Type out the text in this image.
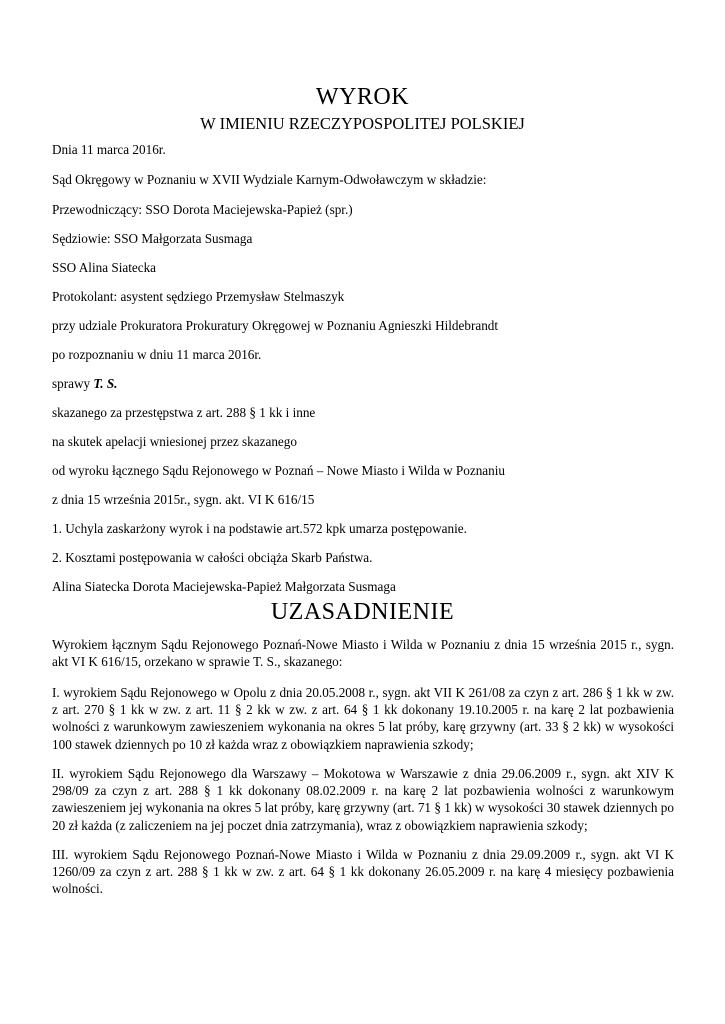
WYROK
W IMIENIU RZECZYPOSPOLITEJ POLSKIEJ
Dnia 11 marca 2016r.
Sąd Okręgowy w Poznaniu w XVII Wydziale Karnym-Odwoławczym w składzie:
Przewodniczący: SSO Dorota Maciejewska-Papież (spr.)
Sędziowie: SSO Małgorzata Susmaga
SSO Alina Siatecka
Protokolant: asystent sędziego Przemysław Stelmaszyk
przy udziale Prokuratora Prokuratury Okręgowej w Poznaniu Agnieszki Hildebrandt
po rozpoznaniu w dniu 11 marca 2016r.
sprawy T. S.
skazanego za przestępstwa z art. 288 § 1 kk i inne
na skutek apelacji wniesionej przez skazanego
od wyroku łącznego Sądu Rejonowego w Poznań – Nowe Miasto i Wilda w Poznaniu
z dnia 15 września 2015r., sygn. akt. VI K 616/15
1. Uchyla zaskarżony wyrok i na podstawie art.572 kpk umarza postępowanie.
2. Kosztami postępowania w całości obciąża Skarb Państwa.
Alina Siatecka Dorota Maciejewska-Papież Małgorzata Susmaga
UZASADNIENIE
Wyrokiem łącznym Sądu Rejonowego Poznań-Nowe Miasto i Wilda w Poznaniu z dnia 15 września 2015 r., sygn. akt VI K 616/15, orzekano w sprawie T. S., skazanego:
I. wyrokiem Sądu Rejonowego w Opolu z dnia 20.05.2008 r., sygn. akt VII K 261/08 za czyn z art. 286 § 1 kk w zw. z art. 270 § 1 kk w zw. z art. 11 § 2 kk w zw. z art. 64 § 1 kk dokonany 19.10.2005 r. na karę 2 lat pozbawienia wolności z warunkowym zawieszeniem wykonania na okres 5 lat próby, karę grzywny (art. 33 § 2 kk) w wysokości 100 stawek dziennych po 10 zł każda wraz z obowiązkiem naprawienia szkody;
II. wyrokiem Sądu Rejonowego dla Warszawy – Mokotowa w Warszawie z dnia 29.06.2009 r., sygn. akt XIV K 298/09 za czyn z art. 288 § 1 kk dokonany 08.02.2009 r. na karę 2 lat pozbawienia wolności z warunkowym zawieszeniem jej wykonania na okres 5 lat próby, karę grzywny (art. 71 § 1 kk) w wysokości 30 stawek dziennych po 20 zł każda (z zaliczeniem na jej poczet dnia zatrzymania), wraz z obowiązkiem naprawienia szkody;
III. wyrokiem Sądu Rejonowego Poznań-Nowe Miasto i Wilda w Poznaniu z dnia 29.09.2009 r., sygn. akt VI K 1260/09 za czyn z art. 288 § 1 kk w zw. z art. 64 § 1 kk dokonany 26.05.2009 r. na karę 4 miesięcy pozbawienia wolności.
